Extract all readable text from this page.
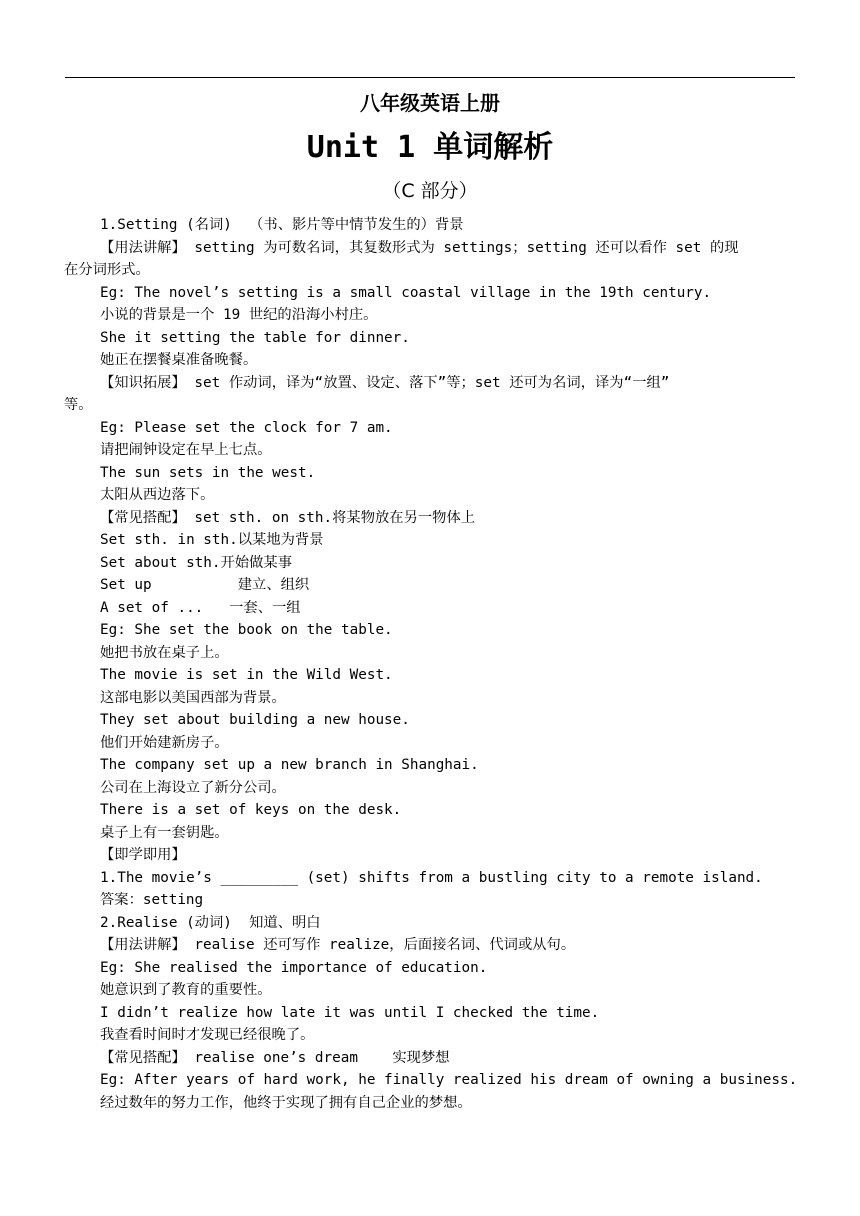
八年级英语上册
Unit 1 单词解析
（C 部分）
1.Setting (名词)  （书、影片等中情节发生的）背景
【用法讲解】 setting 为可数名词，其复数形式为 settings；setting 还可以看作 set 的现
在分词形式。
Eg: The novel’s setting is a small coastal village in the 19th century.
小说的背景是一个 19 世纪的沿海小村庄。
She it setting the table for dinner.
她正在摆餐桌准备晚餐。
【知识拓展】 set 作动词，译为“放置、设定、落下”等；set 还可为名词，译为“一组”
等。
Eg: Please set the clock for 7 am.
请把闹钟设定在早上七点。
The sun sets in the west.
太阳从西边落下。
【常见搭配】 set sth. on sth.将某物放在另一物体上
Set sth. in sth.以某地为背景
Set about sth.开始做某事
Set up          建立、组织
A set of ...   一套、一组
Eg: She set the book on the table.
她把书放在桌子上。
The movie is set in the Wild West.
这部电影以美国西部为背景。
They set about building a new house.
他们开始建新房子。
The company set up a new branch in Shanghai.
公司在上海设立了新分公司。
There is a set of keys on the desk.
桌子上有一套钥匙。
【即学即用】
1.The movie’s _________ (set) shifts from a bustling city to a remote island.
答案：setting
2.Realise (动词)  知道、明白
【用法讲解】 realise 还可写作 realize，后面接名词、代词或从句。
Eg: She realised the importance of education.
她意识到了教育的重要性。
I didn’t realize how late it was until I checked the time.
我查看时间时才发现已经很晚了。
【常见搭配】 realise one’s dream    实现梦想
Eg: After years of hard work, he finally realized his dream of owning a business.
经过数年的努力工作，他终于实现了拥有自己企业的梦想。
